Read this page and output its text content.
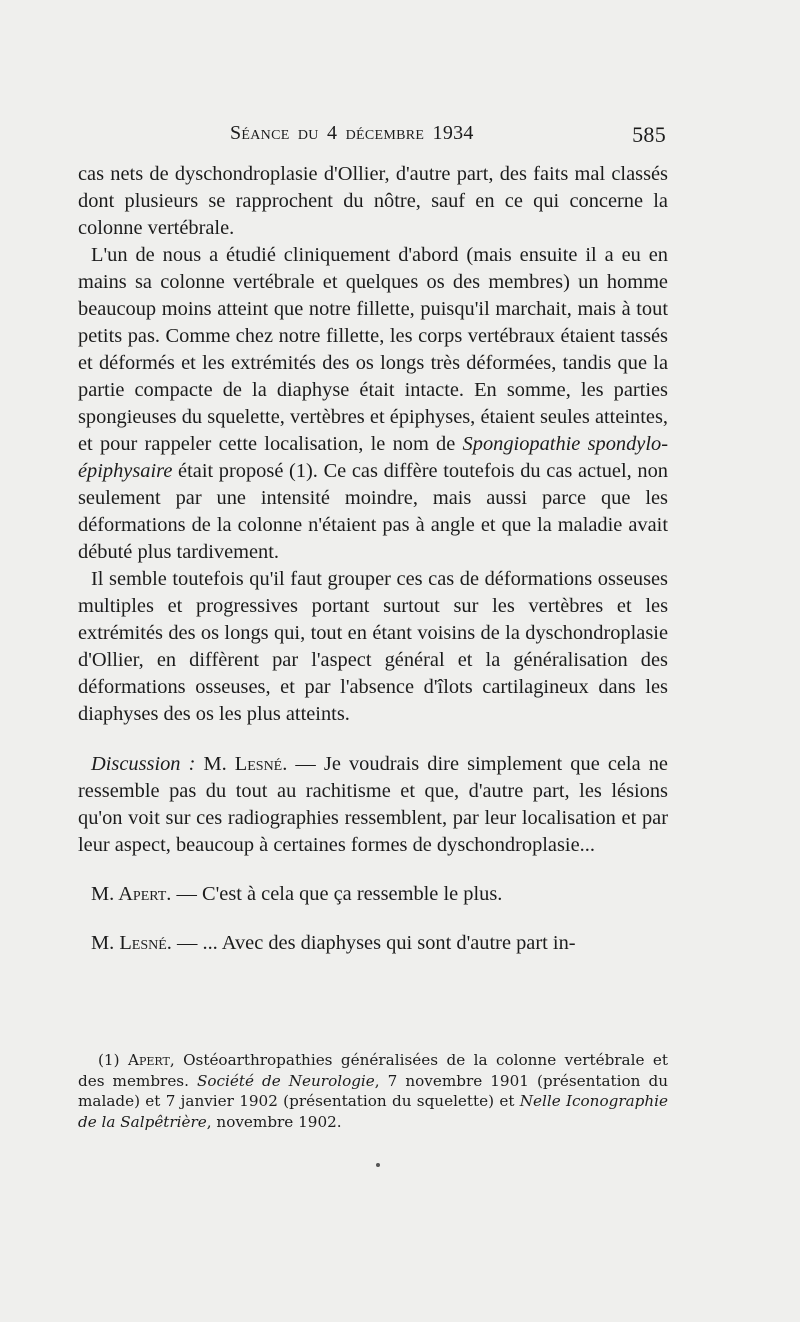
Séance du 4 décembre 1934	585

cas nets de dyschondroplasie d'Ollier, d'autre part, des faits mal classés dont plusieurs se rapprochent du nôtre, sauf en ce qui concerne la colonne vertébrale.

L'un de nous a étudié cliniquement d'abord (mais ensuite il a eu en mains sa colonne vertébrale et quelques os des membres) un homme beaucoup moins atteint que notre fillette, puisqu'il marchait, mais à tout petits pas. Comme chez notre fillette, les corps vertébraux étaient tassés et déformés et les extrémités des os longs très déformées, tandis que la partie compacte de la diaphyse était intacte. En somme, les parties spongieuses du squelette, vertèbres et épiphyses, étaient seules atteintes, et pour rappeler cette localisation, le nom de Spongiopathie spondylo-épiphysaire était proposé (1). Ce cas diffère toutefois du cas actuel, non seulement par une intensité moindre, mais aussi parce que les déformations de la colonne n'étaient pas à angle et que la maladie avait débuté plus tardivement.

Il semble toutefois qu'il faut grouper ces cas de déformations osseuses multiples et progressives portant surtout sur les vertèbres et les extrémités des os longs qui, tout en étant voisins de la dyschondroplasie d'Ollier, en diffèrent par l'aspect général et la généralisation des déformations osseuses, et par l'absence d'îlots cartilagineux dans les diaphyses des os les plus atteints.

Discussion : M. Lesné. — Je voudrais dire simplement que cela ne ressemble pas du tout au rachitisme et que, d'autre part, les lésions qu'on voit sur ces radiographies ressemblent, par leur localisation et par leur aspect, beaucoup à certaines formes de dyschondroplasie...

M. Apert. — C'est à cela que ça ressemble le plus.

M. Lesné. — ... Avec des diaphyses qui sont d'autre part in-

(1) Apert, Ostéoarthropathies généralisées de la colonne vertébrale et des membres. Société de Neurologie, 7 novembre 1901 (présentation du malade) et 7 janvier 1902 (présentation du squelette) et Nelle Iconographie de la Salpêtrière, novembre 1902.
